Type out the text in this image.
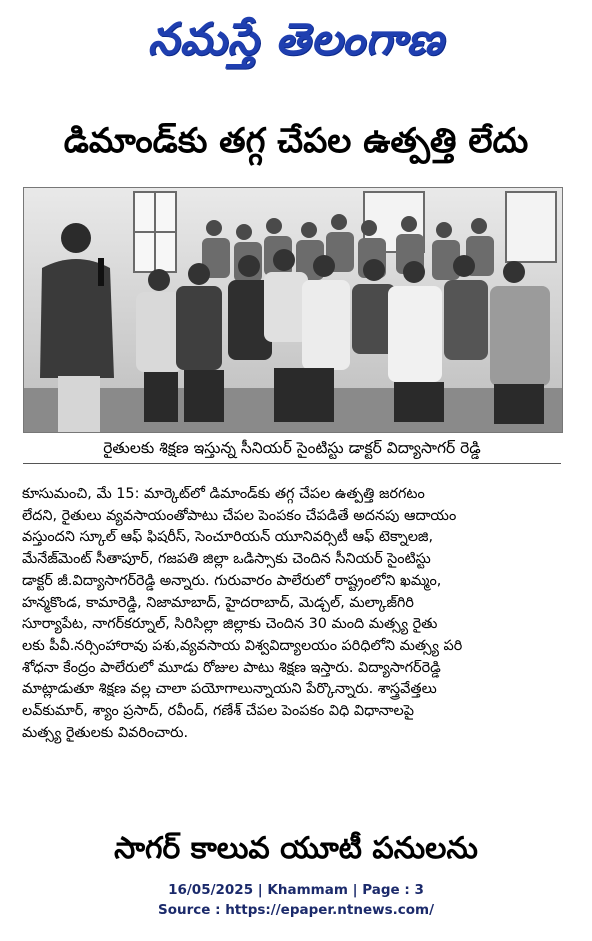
నమస్తే తెలంగాణ
డిమాండ్‌కు తగ్గ చేపల ఉత్పత్తి లేదు
రైతులకు శిక్షణ ఇస్తున్న సీనియర్ సైంటిస్టు డాక్టర్ విద్యాసాగర్ రెడ్డి
కూసుమంచి, మే 15: మార్కెట్‌లో డిమాండ్‌కు తగ్గ చేపల ఉత్పత్తి జరగటం
లేదని, రైతులు వ్యవసాయంతోపాటు చేపల పెంపకం చేపడితే అదనపు ఆదాయం
వస్తుందని స్కూల్ ఆఫ్ ఫిషరీస్, సెంచూరియన్ యూనివర్సిటీ ఆఫ్ టెక్నాలజి,
మేనేజ్‌మెంట్ సీతాపూర్, గజపతి జిల్లా ఒడిస్సాకు చెందిన సీనియర్ సైంటిస్టు
డాక్టర్ జీ.విద్యాసాగర్‌రెడ్డి అన్నారు. గురువారం పాలేరులో రాష్ట్రంలోని ఖమ్మం,
హన్మకొండ, కామారెడ్డి, నిజామాబాద్, హైదరాబాద్, మెడ్చల్, మల్కాజ్‌గిరి
సూర్యాపేట, నాగర్‌కర్నూల్, సిరిసిల్లా జిల్లాకు చెందిన 30 మంది మత్స్య రైతు
లకు పీవీ.నర్సింహారావు పశు,వ్యవసాయ విశ్వవిద్యాలయం పరిధిలోని మత్స్య పరి
శోధనా కేంద్రం పాలేరులో మూడు రోజుల పాటు శిక్షణ ఇస్తారు. విద్యాసాగర్‌రెడ్డి
మాట్లాడుతూ శిక్షణ వల్ల చాలా పయోగాలున్నాయని పేర్కొన్నారు. శాస్త్రవేత్తలు
లవ్‌కుమార్, శ్యాం ప్రసాద్, రవీంద్, గణేశ్ చేపల పెంపకం విధి విధానాలపై
మత్స్య రైతులకు వివరించారు.
సాగర్ కాలువ యూటీ పనులను
16/05/2025 | Khammam | Page : 3
Source : https://epaper.ntnews.com/
